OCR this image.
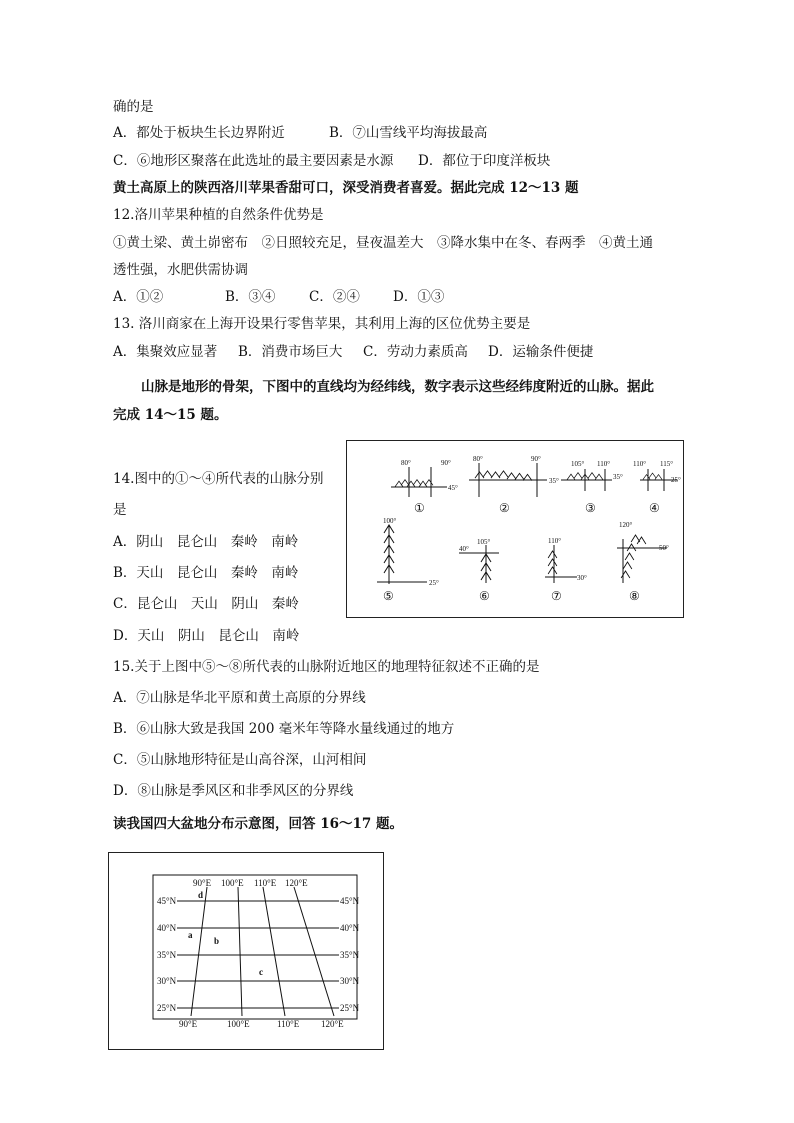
确的是
A．都处于板块生长边界附近	B．⑦山雪线平均海拔最高
C．⑥地形区聚落在此选址的最主要因素是水源 D．都位于印度洋板块
黄土高原上的陕西洛川苹果香甜可口，深受消费者喜爱。据此完成 12～13 题
12.洛川苹果种植的自然条件优势是
①黄土梁、黄土峁密布　②日照较充足，昼夜温差大　③降水集中在冬、春两季　④黄土通
透性强，水肥供需协调
A．①②	B．③④ C．②④ D．①③
13. 洛川商家在上海开设果行零售苹果，其利用上海的区位优势主要是
A．集聚效应显著 B．消费市场巨大 C．劳动力素质高 D．运输条件便捷
山脉是地形的骨架，下图中的直线均为经纬线，数字表示这些经纬度附近的山脉。据此
完成 14～15 题。
14.图中的①～④所代表的山脉分别
是
A．阴山　昆仑山　秦岭　南岭
B．天山　昆仑山　秦岭　南岭
C．昆仑山　天山　阴山　秦岭
D．天山　阴山　昆仑山　南岭
80°	90°
45°
80°	90°
35°
105° 110°
35°
110° 115°
25°
100°
25°
105°
40°
110°
30°
120°
50°
①	②	③	④
⑤	⑥	⑦	⑧
15.关于上图中⑤～⑧所代表的山脉附近地区的地理特征叙述不正确的是
A．⑦山脉是华北平原和黄土高原的分界线
B．⑥山脉大致是我国 200 毫米年等降水量线通过的地方
C．⑤山脉地形特征是山高谷深，山河相间
D．⑧山脉是季风区和非季风区的分界线
读我国四大盆地分布示意图，回答 16～17 题。
90°E 100°E 110°E 120°E
90°E	100°E	110°E 120°E
45°N
40°N
35°N
30°N
25°N
45°N
40°N
35°N
30°N
25°N
a
b
c
d
